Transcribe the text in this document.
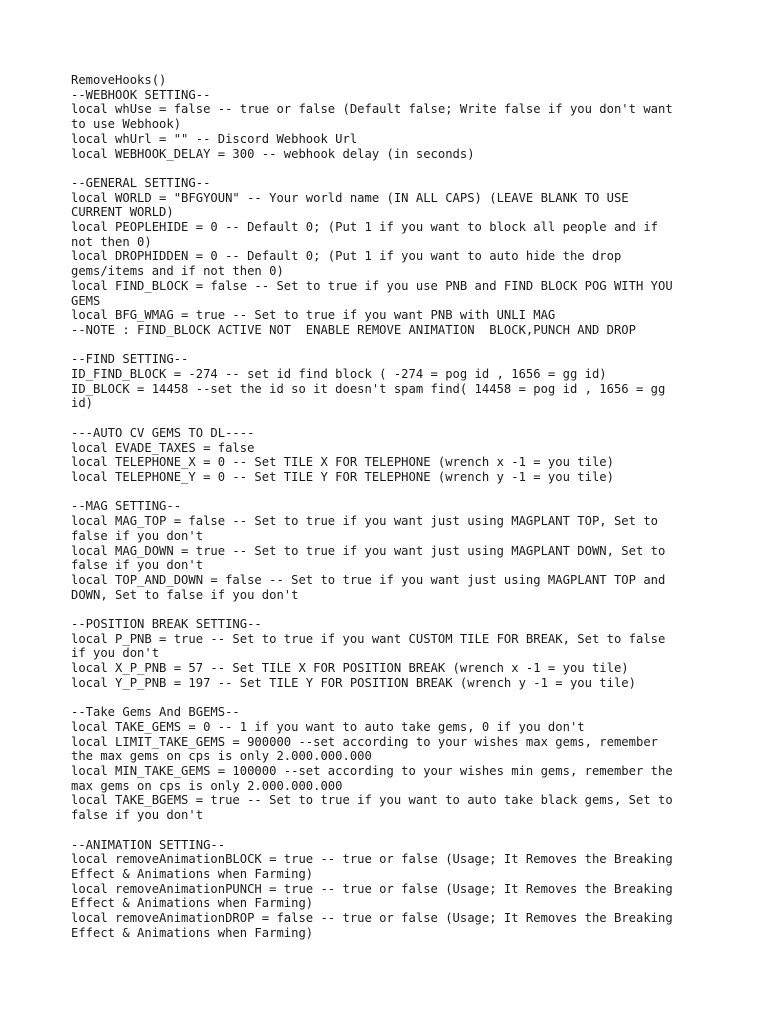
RemoveHooks()
--WEBHOOK SETTING--
local whUse = false -- true or false (Default false; Write false if you don't want
to use Webhook)
local whUrl = "" -- Discord Webhook Url
local WEBHOOK_DELAY = 300 -- webhook delay (in seconds)

--GENERAL SETTING--
local WORLD = "BFGYOUN" -- Your world name (IN ALL CAPS) (LEAVE BLANK TO USE
CURRENT WORLD)
local PEOPLEHIDE = 0 -- Default 0; (Put 1 if you want to block all people and if
not then 0)
local DROPHIDDEN = 0 -- Default 0; (Put 1 if you want to auto hide the drop
gems/items and if not then 0)
local FIND_BLOCK = false -- Set to true if you use PNB and FIND BLOCK POG WITH YOU
GEMS
local BFG_WMAG = true -- Set to true if you want PNB with UNLI MAG
--NOTE : FIND_BLOCK ACTIVE NOT  ENABLE REMOVE ANIMATION  BLOCK,PUNCH AND DROP

--FIND SETTING--
ID_FIND_BLOCK = -274 -- set id find block ( -274 = pog id , 1656 = gg id)
ID_BLOCK = 14458 --set the id so it doesn't spam find( 14458 = pog id , 1656 = gg
id)

---AUTO CV GEMS TO DL----
local EVADE_TAXES = false
local TELEPHONE_X = 0 -- Set TILE X FOR TELEPHONE (wrench x -1 = you tile)
local TELEPHONE_Y = 0 -- Set TILE Y FOR TELEPHONE (wrench y -1 = you tile)

--MAG SETTING--
local MAG_TOP = false -- Set to true if you want just using MAGPLANT TOP, Set to
false if you don't
local MAG_DOWN = true -- Set to true if you want just using MAGPLANT DOWN, Set to
false if you don't
local TOP_AND_DOWN = false -- Set to true if you want just using MAGPLANT TOP and
DOWN, Set to false if you don't

--POSITION BREAK SETTING--
local P_PNB = true -- Set to true if you want CUSTOM TILE FOR BREAK, Set to false
if you don't
local X_P_PNB = 57 -- Set TILE X FOR POSITION BREAK (wrench x -1 = you tile)
local Y_P_PNB = 197 -- Set TILE Y FOR POSITION BREAK (wrench y -1 = you tile)

--Take Gems And BGEMS--
local TAKE_GEMS = 0 -- 1 if you want to auto take gems, 0 if you don't
local LIMIT_TAKE_GEMS = 900000 --set according to your wishes max gems, remember
the max gems on cps is only 2.000.000.000
local MIN_TAKE_GEMS = 100000 --set according to your wishes min gems, remember the
max gems on cps is only 2.000.000.000
local TAKE_BGEMS = true -- Set to true if you want to auto take black gems, Set to
false if you don't

--ANIMATION SETTING--
local removeAnimationBLOCK = true -- true or false (Usage; It Removes the Breaking
Effect & Animations when Farming)
local removeAnimationPUNCH = true -- true or false (Usage; It Removes the Breaking
Effect & Animations when Farming)
local removeAnimationDROP = false -- true or false (Usage; It Removes the Breaking
Effect & Animations when Farming)
